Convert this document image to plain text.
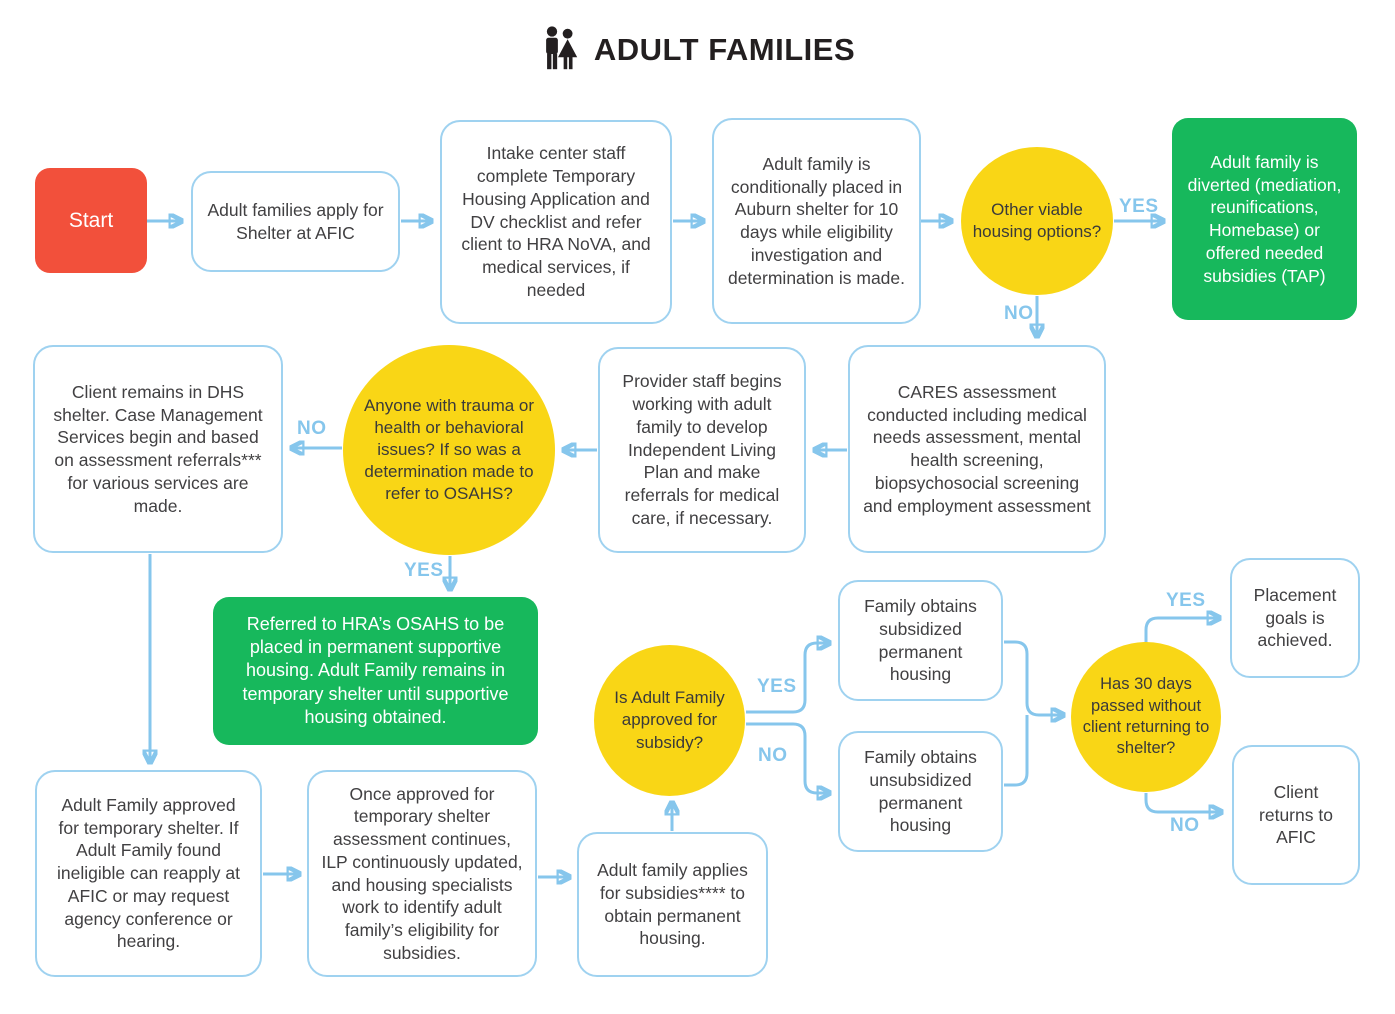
ADULT FAMILIES
Start	Adult families apply for Shelter at AFIC
Intake center staff complete Temporary Housing Application and DV checklist and refer client to HRA NoVA, and medical services, if needed
Adult family is conditionally placed in Auburn shelter for 10 days while eligibility investigation and determination is made.
Other viable housing options?
Adult family is diverted (mediation, reunifications, Homebase) or offered needed subsidies (TAP)
Client remains in DHS shelter. Case Management Services begin and based on assessment referrals*** for various services are made.
Anyone with trauma or health or behavioral issues? If so was a determination made to refer to OSAHS?
Provider staff begins working with adult family to develop Independent Living Plan and make referrals for medical care, if necessary.
CARES assessment conducted including medical needs assessment, mental health screening, biopsychosocial screening and employment assessment
Referred to HRA’s OSAHS to be placed in permanent supportive housing. Adult Family remains in temporary shelter until supportive housing obtained.
Is Adult Family approved for subsidy?
Family obtains subsidized permanent housing
Family obtains unsubsidized permanent housing
Has 30 days passed without client returning to shelter?
Placement goals is achieved.
Client returns to AFIC
Adult Family approved for temporary shelter. If Adult Family found ineligible can reapply at AFIC or may request agency conference or hearing.
Once approved for temporary shelter assessment continues, ILP continuously updated, and housing specialists work to identify adult family’s eligibility for subsidies.
Adult family applies for subsidies**** to obtain permanent housing.
YES
NO
NO
YES
YES
NO
YES
NO
